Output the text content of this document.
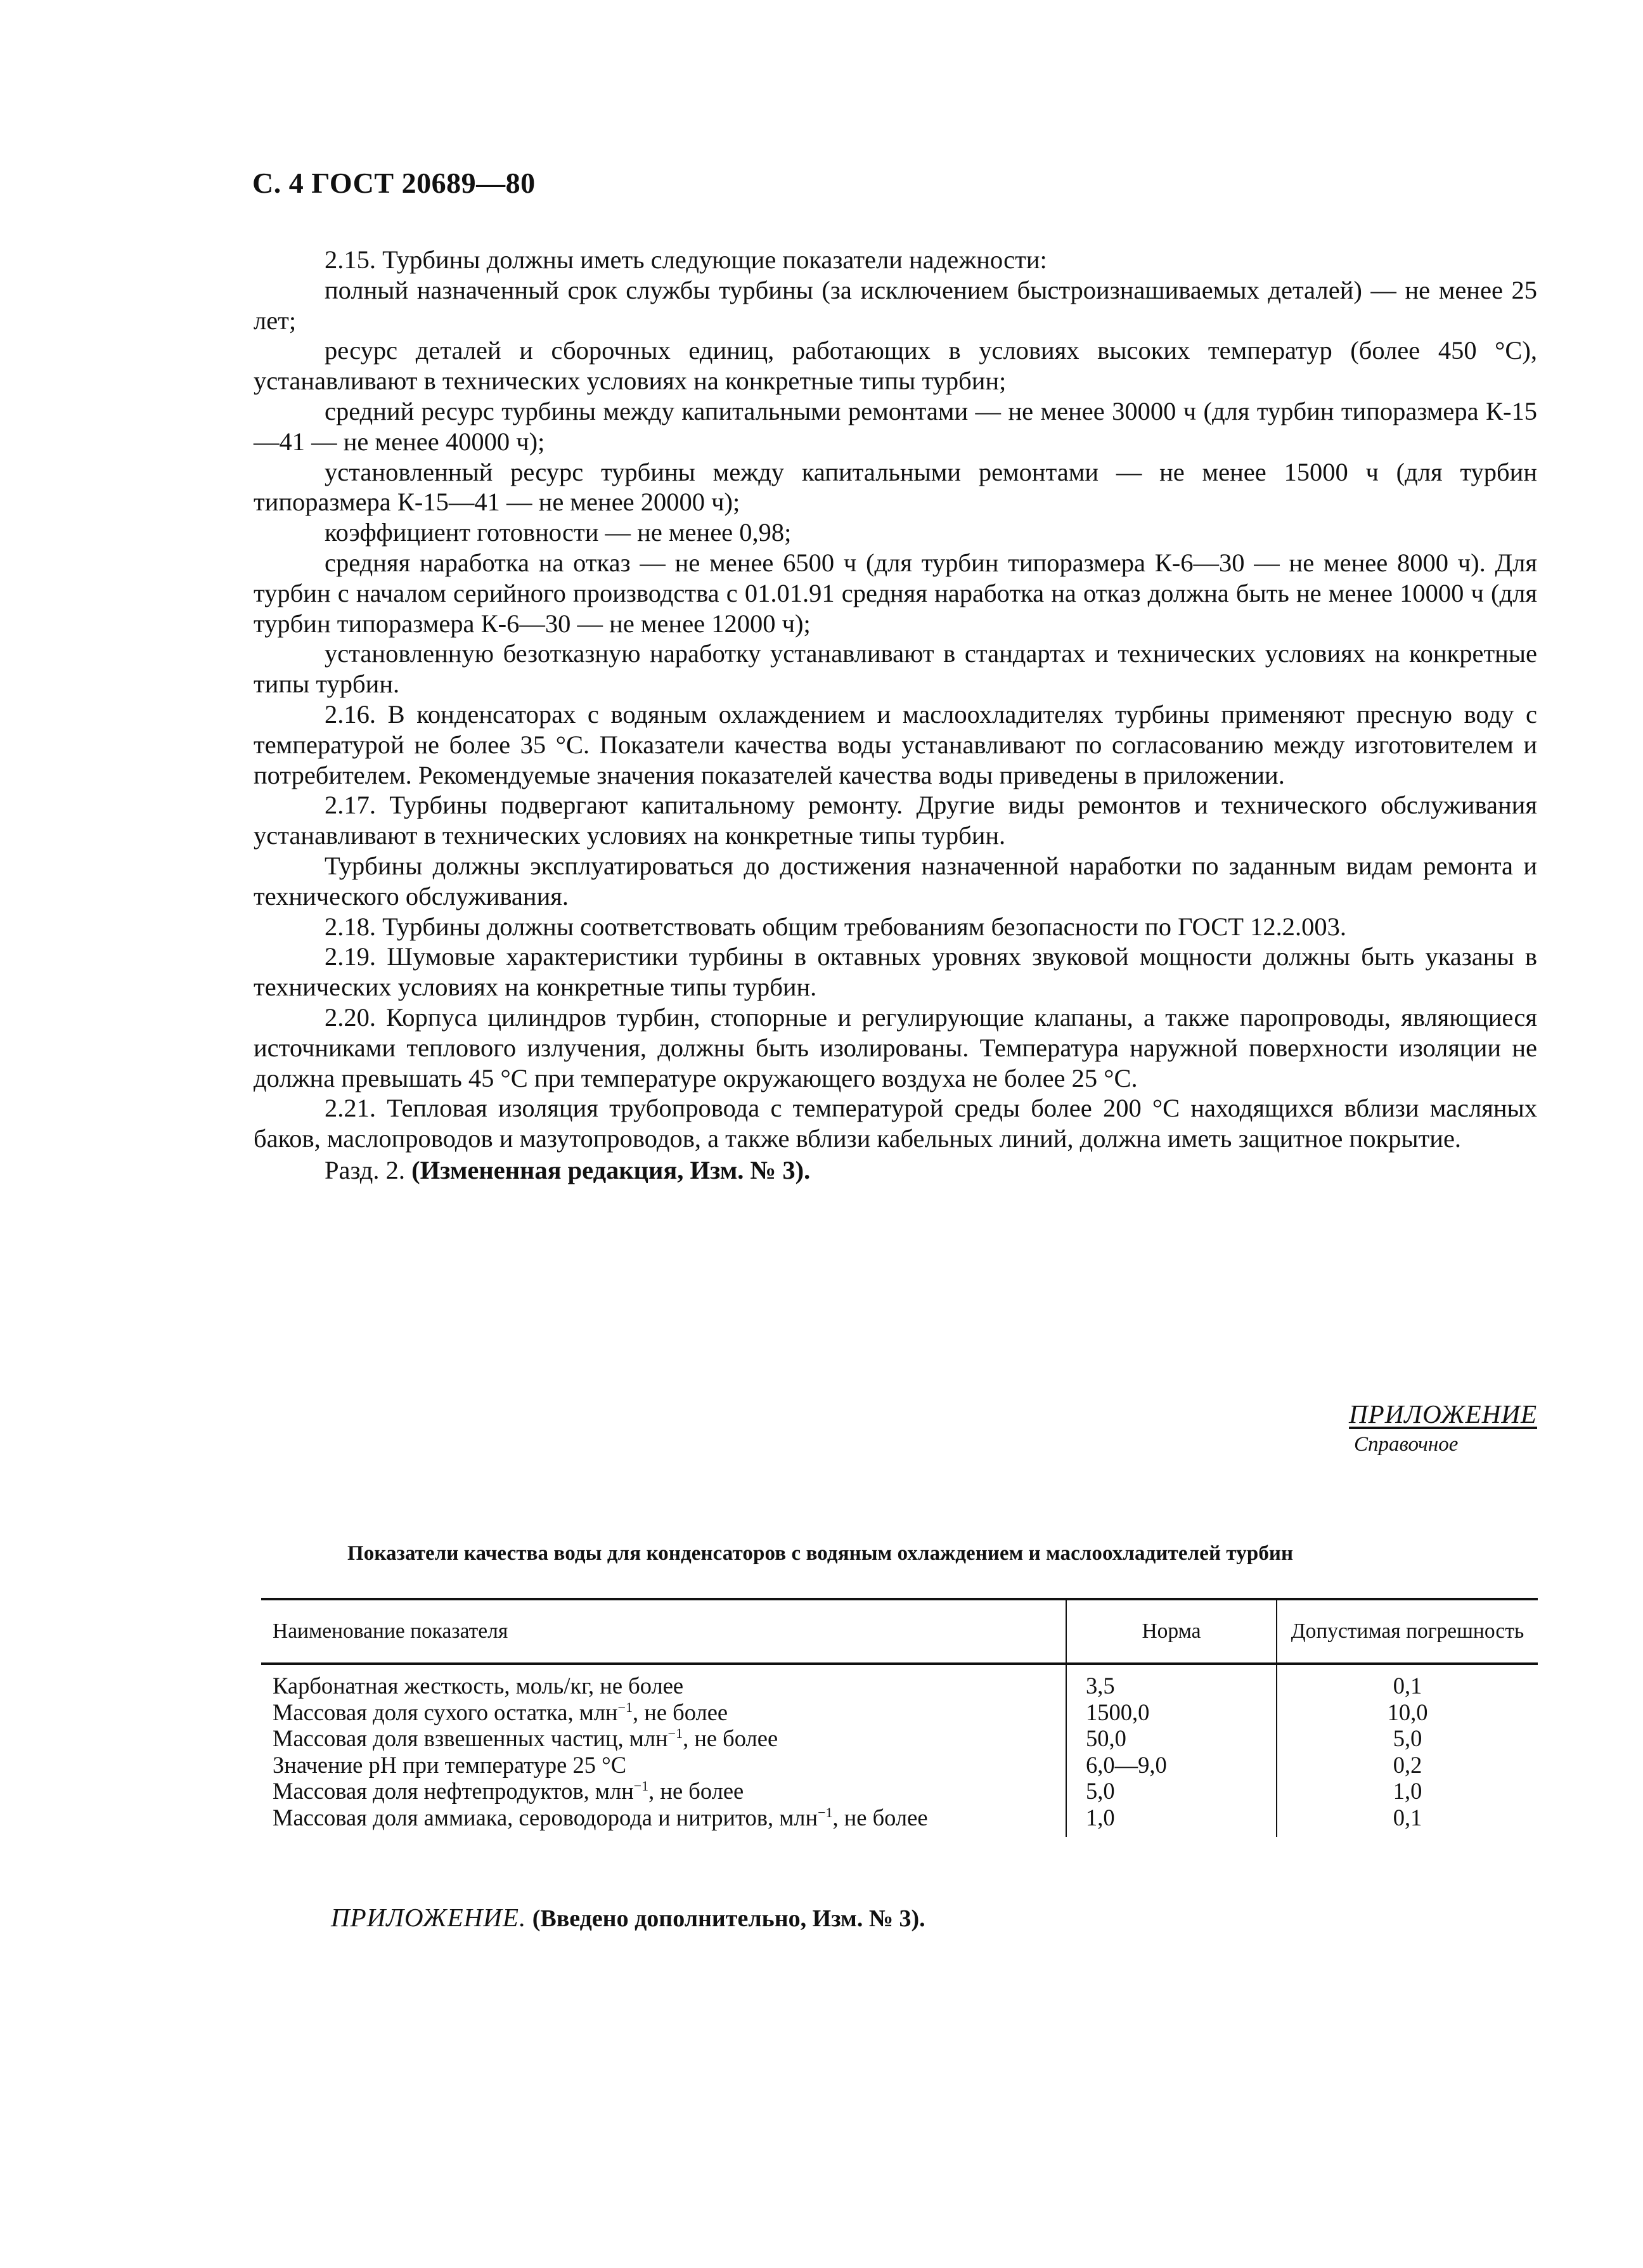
С. 4 ГОСТ 20689—80

2.15. Турбины должны иметь следующие показатели надежности:

полный назначенный срок службы турбины (за исключением быстроизнашиваемых деталей) — не менее 25 лет;

ресурс деталей и сборочных единиц, работающих в условиях высоких температур (более 450 °С), устанавливают в технических условиях на конкретные типы турбин;

средний ресурс турбины между капитальными ремонтами — не менее 30000 ч (для турбин типоразмера К-15—41 — не менее 40000 ч);

установленный ресурс турбины между капитальными ремонтами — не менее 15000 ч (для турбин типоразмера К-15—41 — не менее 20000 ч);

коэффициент готовности — не менее 0,98;

средняя наработка на отказ — не менее 6500 ч (для турбин типоразмера К-6—30 — не менее 8000 ч). Для турбин с началом серийного производства с 01.01.91 средняя наработка на отказ должна быть не менее 10000 ч (для турбин типоразмера К-6—30 — не менее 12000 ч);

установленную безотказную наработку устанавливают в стандартах и технических условиях на конкретные типы турбин.

2.16. В конденсаторах с водяным охлаждением и маслоохладителях турбины применяют пресную воду с температурой не более 35 °С. Показатели качества воды устанавливают по согласованию между изготовителем и потребителем. Рекомендуемые значения показателей качества воды приведены в приложении.

2.17. Турбины подвергают капитальному ремонту. Другие виды ремонтов и технического обслуживания устанавливают в технических условиях на конкретные типы турбин.

Турбины должны эксплуатироваться до достижения назначенной наработки по заданным видам ремонта и технического обслуживания.

2.18. Турбины должны соответствовать общим требованиям безопасности по ГОСТ 12.2.003.

2.19. Шумовые характеристики турбины в октавных уровнях звуковой мощности должны быть указаны в технических условиях на конкретные типы турбин.

2.20. Корпуса цилиндров турбин, стопорные и регулирующие клапаны, а также паропроводы, являющиеся источниками теплового излучения, должны быть изолированы. Температура наружной поверхности изоляции не должна превышать 45 °С при температуре окружающего воздуха не более 25 °С.

2.21. Тепловая изоляция трубопровода с температурой среды более 200 °С находящихся вблизи масляных баков, маслопроводов и мазутопроводов, а также вблизи кабельных линий, должна иметь защитное покрытие.

Разд. 2. (Измененная редакция, Изм. № 3).

ПРИЛОЖЕНИЕ
Справочное
Показатели качества воды для конденсаторов с водяным охлаждением и маслоохладителей турбин
Наименование показателя	Норма	Допустимая погрешность
Карбонатная жесткость, моль/кг, не более	3,5	0,1
Массовая доля сухого остатка, млн$^{-1}$, не более	1500,0	10,0
Массовая доля взвешенных частиц, млн$^{-1}$, не более	50,0	5,0
Значение pH при температуре 25 °С	6,0—9,0	0,2
Массовая доля нефтепродуктов, млн$^{-1}$, не более	5,0	1,0
Массовая доля аммиака, сероводорода и нитритов, млн$^{-1}$, не более	1,0	0,1
ПРИЛОЖЕНИЕ. (Введено дополнительно, Изм. № 3).
